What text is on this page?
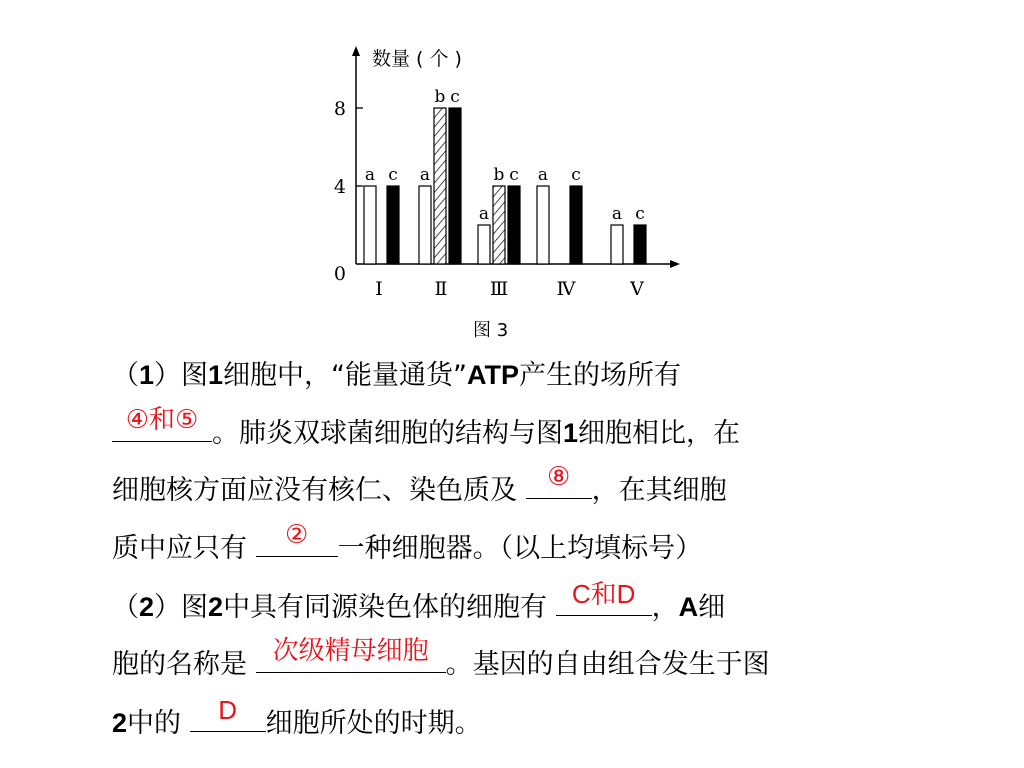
0
4
8
数量 ( 个 )
图 3
a c
Ⅰ
a
b c
Ⅱ
a
b c
Ⅲ
a c
Ⅳ
a c
Ⅴ
（1）图1细胞中，“能量通货”ATP产生的场所有
④和⑤ 。肺炎双球菌细胞的结构与图1细胞相比，在
细胞核方面应没有核仁、染色质及 ⑧ ，在其细胞
质中应只有	②	一种细胞器。（以上均填标号）
（2）图2中具有同源染色体的细胞有 C和D ，A细
胞的名称是 次级精母细胞 。基因的自由组合发生于图
2中的	D	细胞所处的时期。
